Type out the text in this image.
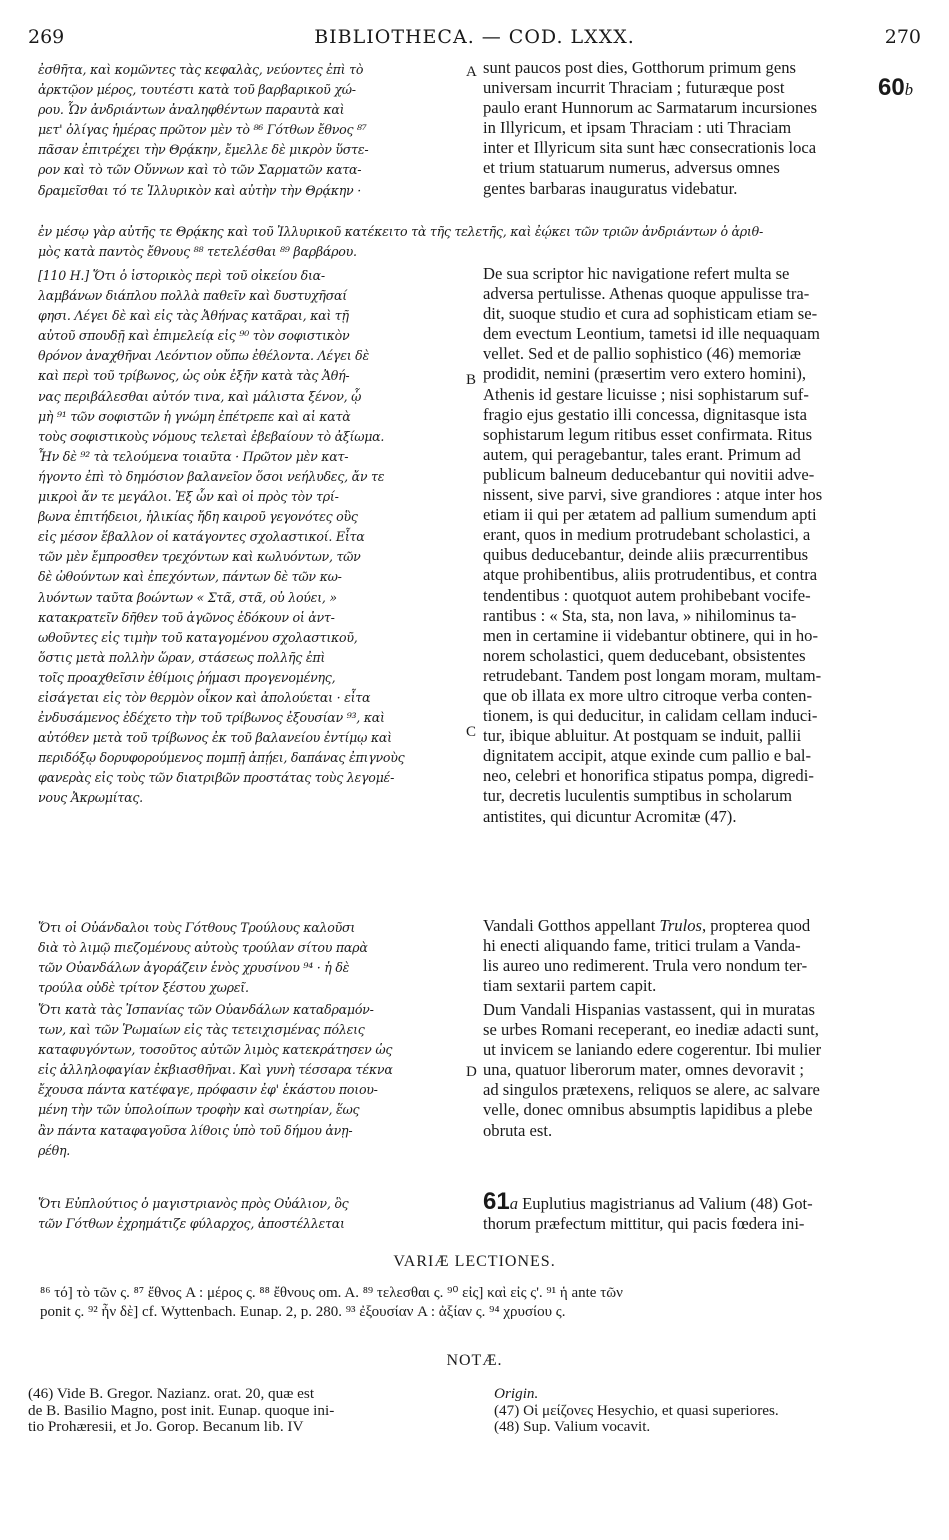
269	BIBLIOTHECA. — COD. LXXX.	270
ἐσθῆτα, καὶ κομῶντες τὰς κεφαλὰς, νεύοντες ἐπὶ τὸ
ἀρκτῷον μέρος, τουτέστι κατὰ τοῦ βαρβαρικοῦ χώ-
ρου. Ὧν ἀνδριάντων ἀναληφθέντων παραυτὰ καὶ
μετ' ὀλίγας ἡμέρας πρῶτον μὲν τὸ ⁸⁶ Γότθων ἔθνος ⁸⁷
πᾶσαν ἐπιτρέχει τὴν Θρᾴκην, ἔμελλε δὲ μικρὸν ὕστε-
ρον καὶ τὸ τῶν Οὔννων καὶ τὸ τῶν Σαρματῶν κατα-
δραμεῖσθαι τό τε Ἰλλυρικὸν καὶ αὐτὴν τὴν Θρᾴκην ·
A sunt paucos post dies, Gotthorum primum gens
universam incurrit Thraciam ; futuræque post	60b
paulo erant Hunnorum ac Sarmatarum incursiones
in Illyricum, et ipsam Thraciam : uti Thraciam
inter et Illyricum sita sunt hæc consecrationis loca
et trium statuarum numerus, adversus omnes
gentes barbaras inauguratus videbatur.
ἐν μέσῳ γὰρ αὐτῆς τε Θρᾴκης καὶ τοῦ Ἰλλυρικοῦ κατέκειτο τὰ τῆς τελετῆς, καὶ ἐῴκει τῶν τριῶν ἀνδριάντων ὁ ἀριθ-
μὸς κατὰ παντὸς ἔθνους ⁸⁸ τετελέσθαι ⁸⁹ βαρβάρου.
[110 H.] Ὅτι ὁ ἱστορικὸς περὶ τοῦ οἰκείου δια-
λαμβάνων διάπλου πολλὰ παθεῖν καὶ δυστυχῆσαί
φησι. Λέγει δὲ καὶ εἰς τὰς Ἀθήνας κατᾶραι, καὶ τῇ
αὐτοῦ σπουδῇ καὶ ἐπιμελείᾳ εἰς ⁹⁰ τὸν σοφιστικὸν
θρόνον ἀναχθῆναι Λεόντιον οὔπω ἐθέλοντα. Λέγει δὲ
καὶ περὶ τοῦ τρίβωνος, ὡς οὐκ ἐξῆν κατὰ τὰς Ἀθή-
νας περιβάλεσθαι αὐτόν τινα, καὶ μάλιστα ξένον, ᾧ
μὴ ⁹¹ τῶν σοφιστῶν ἡ γνώμη ἐπέτρεπε καὶ αἱ κατὰ
τοὺς σοφιστικοὺς νόμους τελεταὶ ἐβεβαίουν τὸ ἀξίωμα.
Ἦν δὲ ⁹² τὰ τελούμενα τοιαῦτα · Πρῶτον μὲν κατ-
ήγοντο ἐπὶ τὸ δημόσιον βαλανεῖον ὅσοι νεήλυδες, ἄν τε
μικροὶ ἄν τε μεγάλοι. Ἐξ ὧν καὶ οἱ πρὸς τὸν τρί-
βωνα ἐπιτήδειοι, ἡλικίας ἤδη καιροῦ γεγονότες οὓς
εἰς μέσον ἔβαλλον οἱ κατάγοντες σχολαστικοί. Εἶτα
τῶν μὲν ἔμπροσθεν τρεχόντων καὶ κωλυόντων, τῶν
δὲ ὠθούντων καὶ ἐπεχόντων, πάντων δὲ τῶν κω-
λυόντων ταῦτα βοώντων « Στᾶ, στᾶ, οὐ λούει, »
κατακρατεῖν δῆθεν τοῦ ἀγῶνος ἐδόκουν οἱ ἀντ-
ωθοῦντες εἰς τιμὴν τοῦ καταγομένου σχολαστικοῦ,
ὅστις μετὰ πολλὴν ὥραν, στάσεως πολλῆς ἐπὶ
τοῖς προαχθεῖσιν ἐθίμοις ῥήμασι προγενομένης,
εἰσάγεται εἰς τὸν θερμὸν οἶκον καὶ ἀπολούεται · εἶτα
ἐνδυσάμενος ἐδέχετο τὴν τοῦ τρίβωνος ἐξουσίαν ⁹³, καὶ
αὐτόθεν μετὰ τοῦ τρίβωνος ἐκ τοῦ βαλανείου ἐντίμῳ καὶ
περιδόξῳ δορυφορούμενος πομπῇ ἀπῄει, δαπάνας ἐπιγνοὺς
φανερὰς εἰς τοὺς τῶν διατριβῶν προστάτας τοὺς λεγομέ-
νους Ἀκρωμίτας.
B
C
De sua scriptor hic navigatione refert multa se
adversa pertulisse. Athenas quoque appulisse tra-
dit, suoque studio et cura ad sophisticam etiam se-
dem evectum Leontium, tametsi id ille nequaquam
vellet. Sed et de pallio sophistico (46) memoriæ
prodidit, nemini (præsertim vero extero homini),
Athenis id gestare licuisse ; nisi sophistarum suf-
fragio ejus gestatio illi concessa, dignitasque ista
sophistarum legum ritibus esset confirmata. Ritus
autem, qui peragebantur, tales erant. Primum ad
publicum balneum deducebantur qui novitii adve-
nissent, sive parvi, sive grandiores : atque inter hos
etiam ii qui per ætatem ad pallium sumendum apti
erant, quos in medium protrudebant scholastici, a
quibus deducebantur, deinde aliis præcurrentibus
atque prohibentibus, aliis protrudentibus, et contra
tendentibus : quotquot autem prohibebant vocife-
rantibus : « Sta, sta, non lava, » nihilominus ta-
men in certamine ii videbantur obtinere, qui in ho-
norem scholastici, quem deducebant, obsistentes
retrudebant. Tandem post longam moram, multam-
que ob illata ex more ultro citroque verba conten-
tionem, is qui deducitur, in calidam cellam induci-
tur, ibique abluitur. At postquam se induit, pallii
dignitatem accipit, atque exinde cum pallio e bal-
neo, celebri et honorifica stipatus pompa, digredi-
tur, decretis luculentis sumptibus in scholarum
antistites, qui dicuntur Acromitæ (47).
Ὅτι οἱ Οὐάνδαλοι τοὺς Γότθους Τρούλους καλοῦσι
διὰ τὸ λιμῷ πιεζομένους αὐτοὺς τρούλαν σίτου παρὰ
τῶν Οὐανδάλων ἀγοράζειν ἑνὸς χρυσίνου ⁹⁴ · ἡ δὲ
τρούλα οὐδὲ τρίτον ξέστου χωρεῖ.
Vandali Gotthos appellant Trulos, propterea quod
hi enecti aliquando fame, tritici trulam a Vanda-
lis aureo uno redimerent. Trula vero nondum ter-
tiam sextarii partem capit.
Ὅτι κατὰ τὰς Ἰσπανίας τῶν Οὐανδάλων καταδραμόν-
των, καὶ τῶν Ῥωμαίων εἰς τὰς τετειχισμένας πόλεις
καταφυγόντων, τοσοῦτος αὐτῶν λιμὸς κατεκράτησεν ὡς
εἰς ἀλληλοφαγίαν ἐκβιασθῆναι. Καὶ γυνὴ τέσσαρα τέκνα
ἔχουσα πάντα κατέφαγε, πρόφασιν ἐφ' ἑκάστου ποιου-
μένη τὴν τῶν ὑπολοίπων τροφὴν καὶ σωτηρίαν, ἕως
ἂν πάντα καταφαγοῦσα λίθοις ὑπὸ τοῦ δήμου ἀνῃ-
ρέθη.
D
Dum Vandali Hispanias vastassent, qui in muratas
se urbes Romani receperant, eo inediæ adacti sunt,
ut invicem se laniando edere cogerentur. Ibi mulier
una, quatuor liberorum mater, omnes devoravit ;
ad singulos prætexens, reliquos se alere, ac salvare
velle, donec omnibus absumptis lapidibus a plebe
obruta est.
Ὅτι Εὐπλούτιος ὁ μαγιστριανὸς πρὸς Οὐάλιον, ὃς
τῶν Γότθων ἐχρημάτιζε φύλαρχος, ἀποστέλλεται
61a Euplutius magistrianus ad Valium (48) Got-
thorum præfectum mittitur, qui pacis fœdera ini-
VARIÆ LECTIONES.
⁸⁶ τό] τὸ τῶν ς. ⁸⁷ ἔθνος A : μέρος ς. ⁸⁸ ἔθνους om. A. ⁸⁹ τελεσθαι ς. ⁹⁰ εἰς] καὶ εἰς ς'. ⁹¹ ἡ ante τῶν
ponit ς. ⁹² ἦν δὲ] cf. Wyttenbach. Eunap. 2, p. 280. ⁹³ ἐξουσίαν A : ἀξίαν ς. ⁹⁴ χρυσίου ς.
NOTÆ.
(46) Vide B. Gregor. Nazianz. orat. 20, quæ est
de B. Basilio Magno, post init. Eunap. quoque ini-
tio Prohæresii, et Jo. Gorop. Becanum lib. IV
Origin.
(47) Οἱ μείζονες Hesychio, et quasi superiores.
(48) Sup. Valium vocavit.
